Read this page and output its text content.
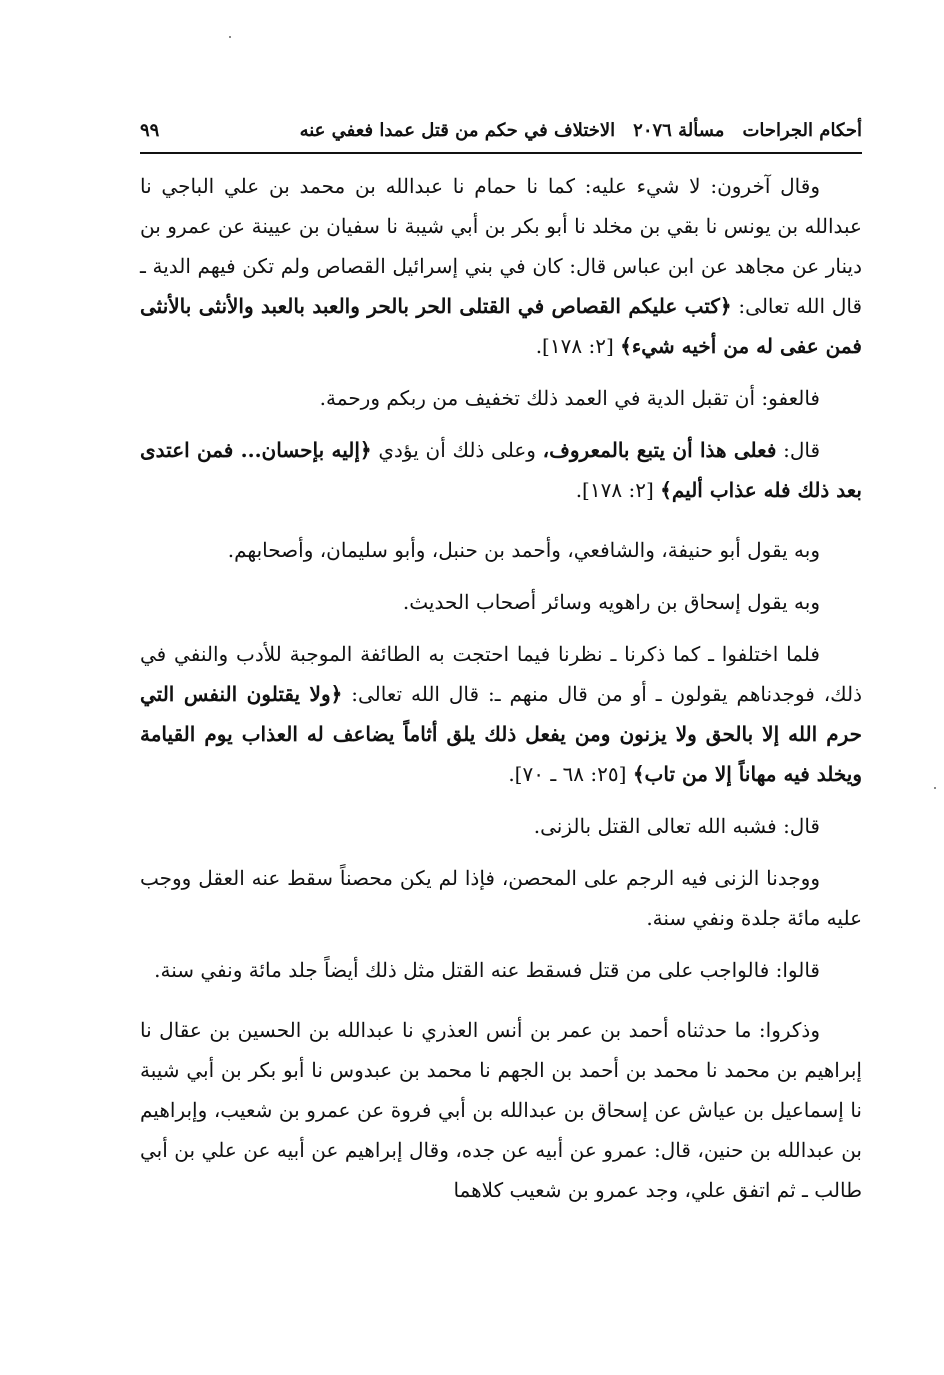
أحكام الجراحات
مسألة ٢٠٧٦
الاختلاف في حكم من قتل عمدا فعفي عنه
٩٩

وقال آخرون: لا شيء عليه: كما نا حمام نا عبدالله بن محمد بن علي الباجي نا عبدالله بن يونس نا بقي بن مخلد نا أبو بكر بن أبي شيبة نا سفيان بن عيينة عن عمرو بن دينار عن مجاهد عن ابن عباس قال: كان في بني إسرائيل القصاص ولم تكن فيهم الدية ـ قال الله تعالى: ﴿كتب عليكم القصاص في القتلى الحر بالحر والعبد بالعبد والأنثى بالأنثى فمن عفى له من أخيه شيء﴾ [٢: ١٧٨].

فالعفو: أن تقبل الدية في العمد ذلك تخفيف من ربكم ورحمة.

قال: فعلى هذا أن يتبع بالمعروف، وعلى ذلك أن يؤدي ﴿إليه بإحسان... فمن اعتدى بعد ذلك فله عذاب أليم﴾ [٢: ١٧٨].

وبه يقول أبو حنيفة، والشافعي، وأحمد بن حنبل، وأبو سليمان، وأصحابهم.

وبه يقول إسحاق بن راهويه وسائر أصحاب الحديث.

فلما اختلفوا ـ كما ذكرنا ـ نظرنا فيما احتجت به الطائفة الموجبة للأدب والنفي في ذلك، فوجدناهم يقولون ـ أو من قال منهم ـ: قال الله تعالى: ﴿ولا يقتلون النفس التي حرم الله إلا بالحق ولا يزنون ومن يفعل ذلك يلق أثاماً يضاعف له العذاب يوم القيامة ويخلد فيه مهاناً إلا من تاب﴾ [٢٥: ٦٨ ـ ٧٠].

قال: فشبه الله تعالى القتل بالزنى.

ووجدنا الزنى فيه الرجم على المحصن، فإذا لم يكن محصناً سقط عنه العقل ووجب عليه مائة جلدة ونفي سنة.

قالوا: فالواجب على من قتل فسقط عنه القتل مثل ذلك أيضاً جلد مائة ونفي سنة.

وذكروا: ما حدثناه أحمد بن عمر بن أنس العذري نا عبدالله بن الحسين بن عقال نا إبراهيم بن محمد نا محمد بن أحمد بن الجهم نا محمد بن عبدوس نا أبو بكر بن أبي شيبة نا إسماعيل بن عياش عن إسحاق بن عبدالله بن أبي فروة عن عمرو بن شعيب، وإبراهيم بن عبدالله بن حنين، قال: عمرو عن أبيه عن جده، وقال إبراهيم عن أبيه عن علي بن أبي طالب ـ ثم اتفق علي، وجد عمرو بن شعيب كلاهما
